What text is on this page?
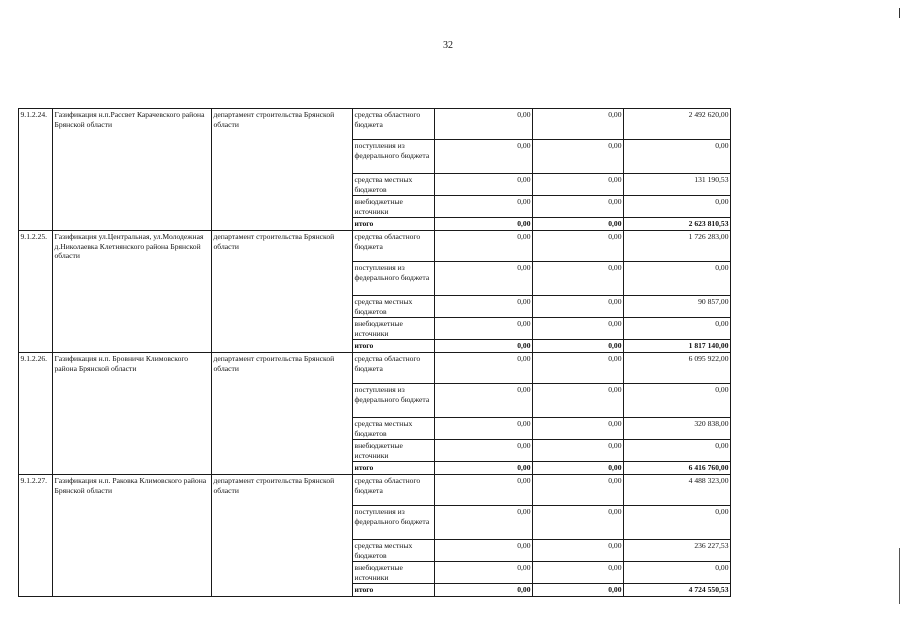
32
9.1.2.24.	Газификация н.п.Рассвет Карачевского района Брянской области	департамент строительства Брянской области	средства областного бюджета	0,00	0,00	2 492 620,00
			поступления из федерального бюджета	0,00	0,00	0,00
			средства местных бюджетов	0,00	0,00	131 190,53
			внебюджетные источники	0,00	0,00	0,00
			итого	0,00	0,00	2 623 810,53
9.1.2.25.	Газификация ул.Центральная, ул.Молодежная д.Николаевка Клетнянского района Брянской области	департамент строительства Брянской области	средства областного бюджета	0,00	0,00	1 726 283,00
			поступления из федерального бюджета	0,00	0,00	0,00
			средства местных бюджетов	0,00	0,00	90 857,00
			внебюджетные источники	0,00	0,00	0,00
			итого	0,00	0,00	1 817 140,00
9.1.2.26.	Газификация н.п. Бровничи Климовского района Брянской области	департамент строительства Брянской области	средства областного бюджета	0,00	0,00	6 095 922,00
			поступления из федерального бюджета	0,00	0,00	0,00
			средства местных бюджетов	0,00	0,00	320 838,00
			внебюджетные источники	0,00	0,00	0,00
			итого	0,00	0,00	6 416 760,00
9.1.2.27.	Газификация н.п. Раковка Климовского района Брянской области	департамент строительства Брянской области	средства областного бюджета	0,00	0,00	4 488 323,00
			поступления из федерального бюджета	0,00	0,00	0,00
			средства местных бюджетов	0,00	0,00	236 227,53
			внебюджетные источники	0,00	0,00	0,00
			итого	0,00	0,00	4 724 550,53
